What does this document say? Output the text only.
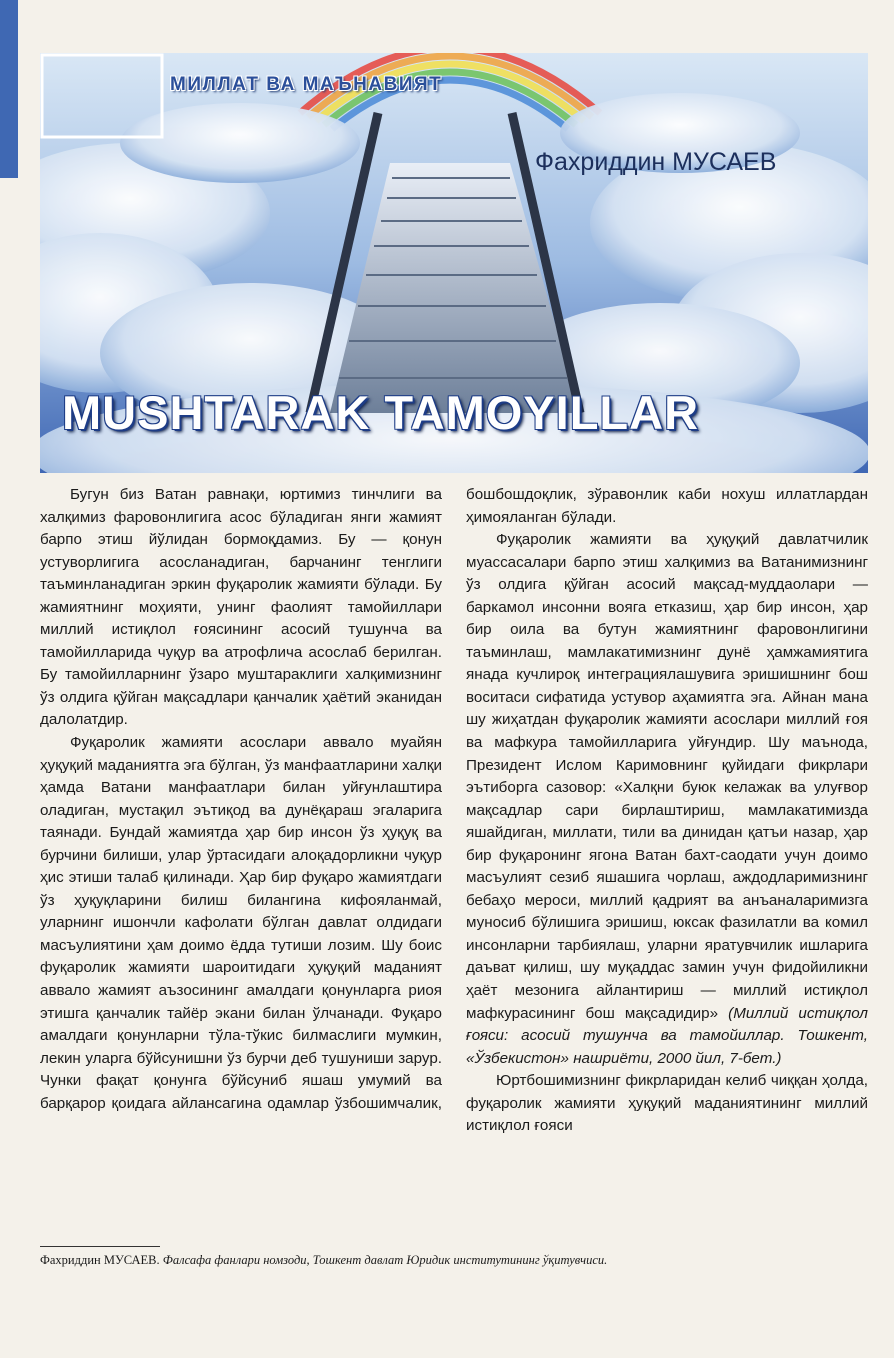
МИЛЛАТ ВА МАЪНАВИЯТ
Фахриддин МУСАЕВ
MUSHTARAK TAMOYILLAR

Бугун биз Ватан равнақи, юртимиз тинчлиги ва халқимиз фаровонлигига асос бўладиган янги жамият барпо этиш йўлидан бормоқдамиз. Бу — қонун устуворлигига асосланадиган, барчанинг тенглиги таъминланадиган эркин фуқаролик жамияти бўлади. Бу жамиятнинг моҳияти, унинг фаолият тамойиллари миллий истиқлол ғоясининг асосий тушунча ва тамойилларида чуқур ва атрофлича асослаб берилган. Бу тамойилларнинг ўзаро муштараклиги халқимизнинг ўз олдига қўйган мақсадлари қанчалик ҳаётий эканидан далолатдир.

Фуқаролик жамияти асослари аввало муайян ҳуқуқий маданиятга эга бўлган, ўз манфаатларини халқи ҳамда Ватани манфаатлари билан уйғунлаштира оладиган, мустақил эътиқод ва дунёқараш эгаларига таянади. Бундай жамиятда ҳар бир инсон ўз ҳуқуқ ва бурчини билиши, улар ўртасидаги алоқадорликни чуқур ҳис этиши талаб қилинади. Ҳар бир фуқаро жамиятдаги ўз ҳуқуқларини билиш билангина кифояланмай, уларнинг ишончли кафолати бўлган давлат олдидаги масъулиятини ҳам доимо ёдда тутиши лозим. Шу боис фуқаролик жамияти шароитидаги ҳуқуқий маданият аввало жамият аъзосининг амалдаги қонунларга риоя этишга қанчалик тайёр экани билан ўлчанади. Фуқаро амалдаги қонунларни тўла-тўкис билмаслиги мумкин, лекин уларга бўйсунишни ўз бурчи деб тушуниши зарур. Чунки фақат қонунга бўйсуниб яшаш умумий ва барқарор қоидага айлансагина одамлар ўзбошимчалик, бошбошдоқлик, зўравонлик каби нохуш иллатлардан ҳимояланган бўлади.

Фуқаролик жамияти ва ҳуқуқий давлатчилик муассасалари барпо этиш халқимиз ва Ватанимизнинг ўз олдига қўйган асосий мақсад-муддаолари — баркамол инсонни вояга етказиш, ҳар бир инсон, ҳар бир оила ва бутун жамиятнинг фаровонлигини таъминлаш, мамлакатимизнинг дунё ҳамжамиятига янада кучлироқ интеграциялашувига эришишнинг бош воситаси сифатида устувор аҳамиятга эга. Айнан мана шу жиҳатдан фуқаролик жамияти асослари миллий ғоя ва мафкура тамойилларига уйғундир. Шу маънода, Президент Ислом Каримовнинг қуйидаги фикрлари эътиборга сазовор: «Халқни буюк келажак ва улуғвор мақсадлар сари бирлаштириш, мамлакатимизда яшайдиган, миллати, тили ва динидан қатъи назар, ҳар бир фуқаронинг ягона Ватан бахт-саодати учун доимо масъулият сезиб яшашига чорлаш, аждодларимизнинг бебаҳо мероси, миллий қадрият ва анъаналаримизга муносиб бўлишига эришиш, юксак фазилатли ва комил инсонларни тарбиялаш, уларни яратувчилик ишларига даъват қилиш, шу муқаддас замин учун фидойиликни ҳаёт мезонига айлантириш — миллий истиқлол мафкурасининг бош мақсадидир» (Миллий истиқлол ғояси: асосий тушунча ва тамойиллар. Тошкент, «Ўзбекистон» нашриёти, 2000 йил, 7-бет.)

Юртбошимизнинг фикрларидан келиб чиққан ҳолда, фуқаролик жамияти ҳуқуқий маданиятининг миллий истиқлол ғояси

Фахриддин МУСАЕВ. Фалсафа фанлари номзоди, Тошкент давлат Юридик институтининг ўқитувчиси.
